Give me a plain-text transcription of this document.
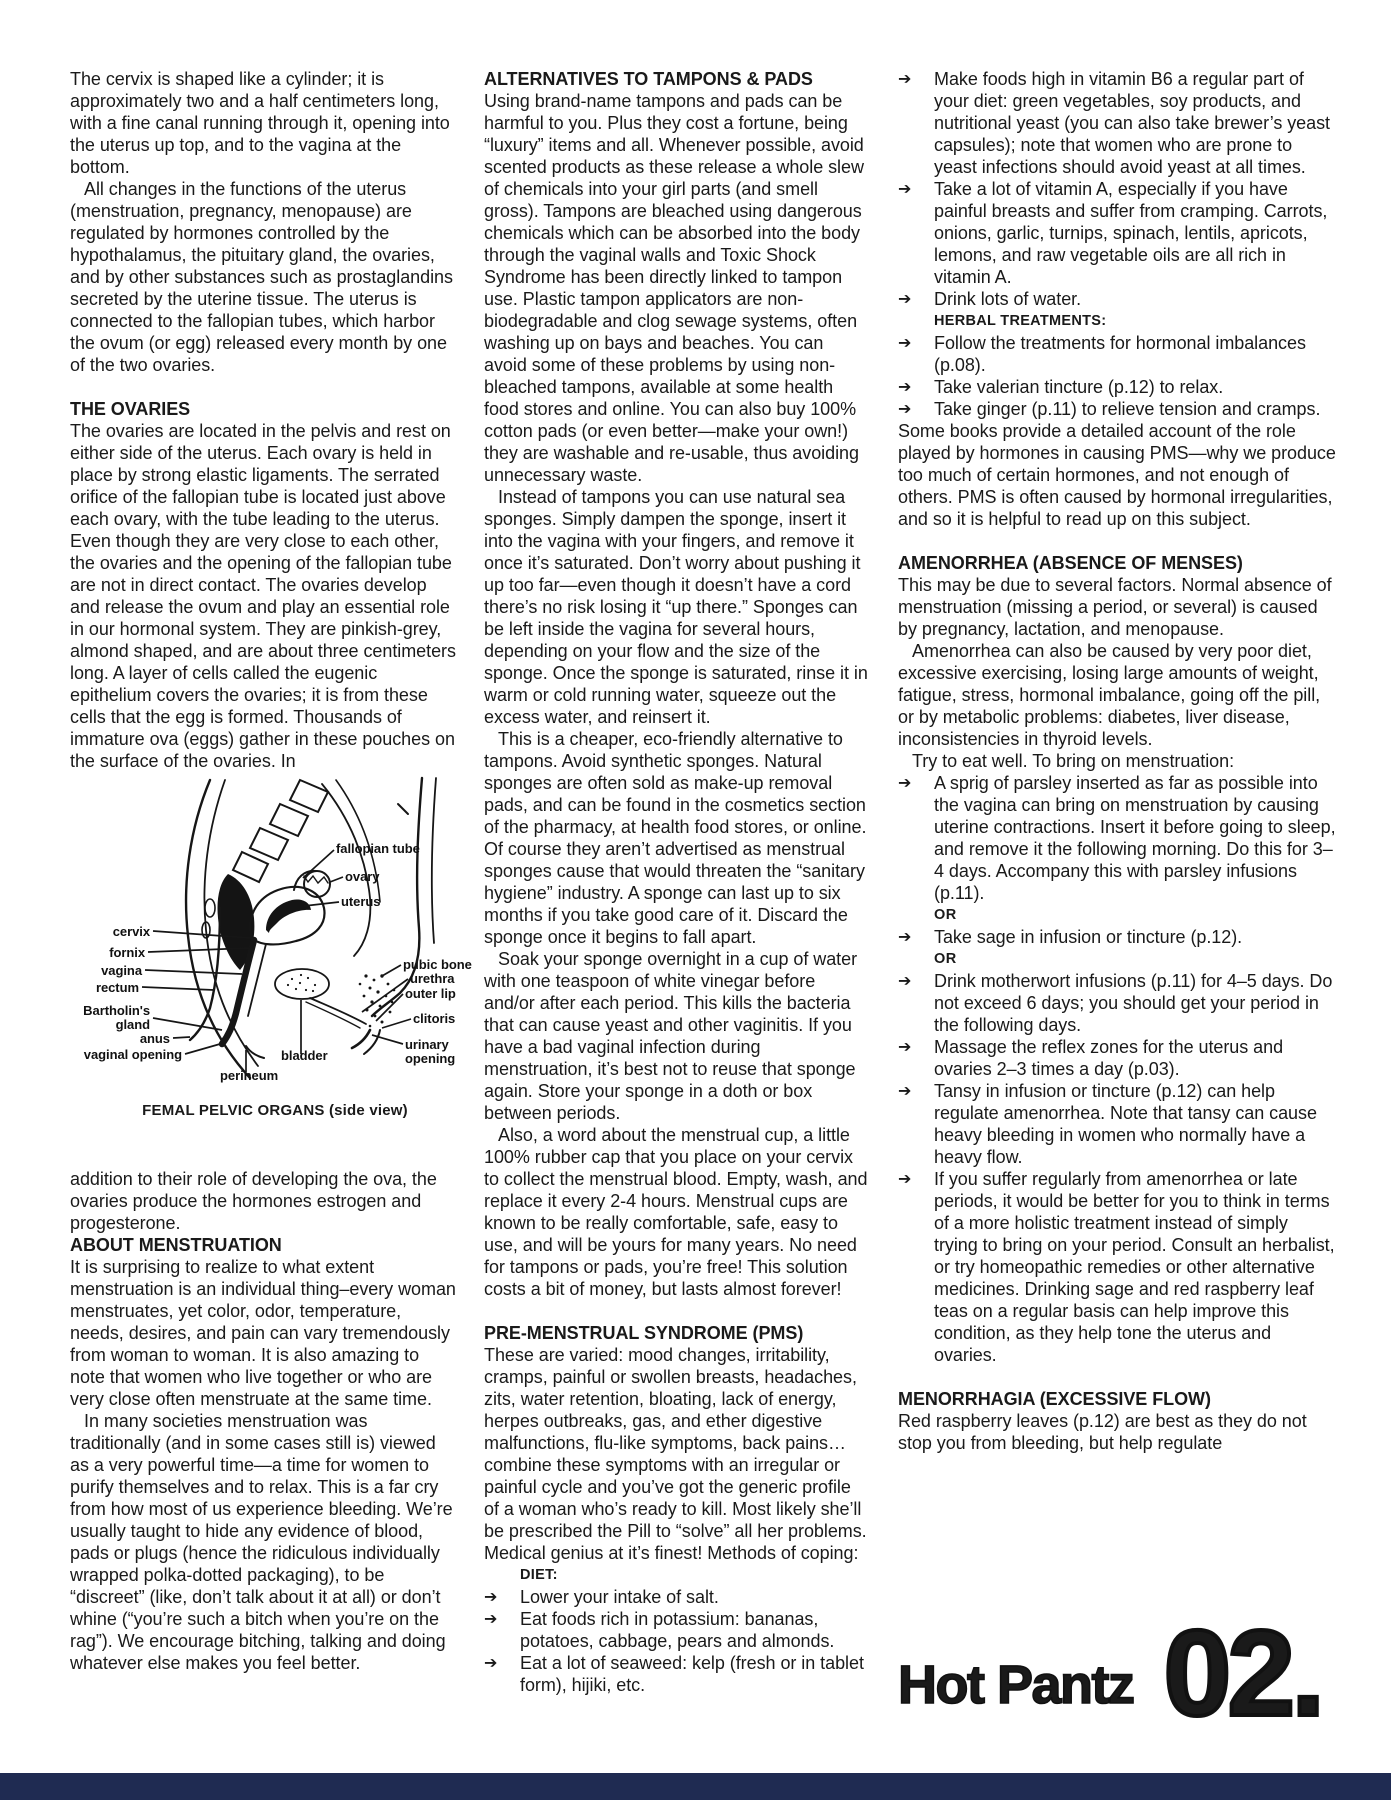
The cervix is shaped like a cylinder; it is approximately two and a half centimeters long, with a fine canal running through it, opening into the uterus up top, and to the vagina at the bottom.

All changes in the functions of the uterus (menstruation, pregnancy, menopause) are regulated by hormones controlled by the hypothalamus, the pituitary gland, the ovaries, and by other substances such as prostaglandins secreted by the uterine tissue. The uterus is connected to the fallopian tubes, which harbor the ovum (or egg) released every month by one of the two ovaries.

THE OVARIES

The ovaries are located in the pelvis and rest on either side of the uterus. Each ovary is held in place by strong elastic ligaments. The serrated orifice of the fallopian tube is located just above each ovary, with the tube leading to the uterus. Even though they are very close to each other, the ovaries and the opening of the fallopian tube are not in direct contact. The ovaries develop and release the ovum and play an essential role in our hormonal system. They are pinkish-grey, almond shaped, and are about three centimeters long. A layer of cells called the eugenic epithelium covers the ovaries; it is from these cells that the egg is formed. Thousands of immature ova (eggs) gather in these pouches on the surface of the ovaries. In

fallopian tube
ovary
uterus
cervix
fornix
vagina
rectum
Bartholin's
gland
anus
vaginal opening	bladder
perineum
pubic bone
urethra
outer lip
clitoris
urinary
opening
FEMAL PELVIC ORGANS (side view)

addition to their role of developing the ova, the ovaries produce the hormones estrogen and progesterone.

ABOUT MENSTRUATION

It is surprising to realize to what extent menstruation is an individual thing–every woman menstruates, yet color, odor, temperature, needs, desires, and pain can vary tremendously from woman to woman. It is also amazing to note that women who live together or who are very close often menstruate at the same time.

In many societies menstruation was traditionally (and in some cases still is) viewed as a very powerful time—a time for women to purify themselves and to relax. This is a far cry from how most of us experience bleeding. We’re usually taught to hide any evidence of blood, pads or plugs (hence the ridiculous individually wrapped polka-dotted packaging), to be “discreet” (like, don’t talk about it at all) or don’t whine (“you’re such a bitch when you’re on the rag”). We encourage bitching, talking and doing whatever else makes you feel better.

ALTERNATIVES TO TAMPONS & PADS

Using brand-name tampons and pads can be harmful to you. Plus they cost a fortune, being “luxury” items and all. Whenever possible, avoid scented products as these release a whole slew of chemicals into your girl parts (and smell gross). Tampons are bleached using dangerous chemicals which can be absorbed into the body through the vaginal walls and Toxic Shock Syndrome has been directly linked to tampon use. Plastic tampon applicators are non-biodegradable and clog sewage systems, often washing up on bays and beaches. You can avoid some of these problems by using non-bleached tampons, available at some health food stores and online. You can also buy 100% cotton pads (or even better—make your own!) they are washable and re-usable, thus avoiding unnecessary waste.

Instead of tampons you can use natural sea sponges. Simply dampen the sponge, insert it into the vagina with your fingers, and remove it once it’s saturated. Don’t worry about pushing it up too far—even though it doesn’t have a cord there’s no risk losing it “up there.” Sponges can be left inside the vagina for several hours, depending on your flow and the size of the sponge. Once the sponge is saturated, rinse it in warm or cold running water, squeeze out the excess water, and reinsert it.

This is a cheaper, eco-friendly alternative to tampons. Avoid synthetic sponges. Natural sponges are often sold as make-up removal pads, and can be found in the cosmetics section of the pharmacy, at health food stores, or online. Of course they aren’t advertised as menstrual sponges cause that would threaten the “sanitary hygiene” industry. A sponge can last up to six months if you take good care of it. Discard the sponge once it begins to fall apart.

Soak your sponge overnight in a cup of water with one teaspoon of white vinegar before and/or after each period. This kills the bacteria that can cause yeast and other vaginitis. If you have a bad vaginal infection during menstruation, it’s best not to reuse that sponge again. Store your sponge in a doth or box between periods.

Also, a word about the menstrual cup, a little 100% rubber cap that you place on your cervix to collect the menstrual blood. Empty, wash, and replace it every 2-4 hours. Menstrual cups are known to be really comfortable, safe, easy to use, and will be yours for many years. No need for tampons or pads, you’re free! This solution costs a bit of money, but lasts almost forever!

PRE-MENSTRUAL SYNDROME (PMS)

These are varied: mood changes, irritability, cramps, painful or swollen breasts, headaches, zits, water retention, bloating, lack of energy, herpes outbreaks, gas, and ether digestive malfunctions, flu-like symptoms, back pains… combine these symptoms with an irregular or painful cycle and you’ve got the generic profile of a woman who’s ready to kill. Most likely she’ll be prescribed the Pill to “solve” all her problems. Medical genius at it’s finest! Methods of coping:

DIET:
➔	Lower your intake of salt.
➔	Eat foods rich in potassium: bananas, potatoes, cabbage, pears and almonds.
➔	Eat a lot of seaweed: kelp (fresh or in tablet form), hijiki, etc.
➔	Make foods high in vitamin B6 a regular part of your diet: green vegetables, soy products, and nutritional yeast (you can also take brewer’s yeast capsules); note that women who are prone to yeast infections should avoid yeast at all times.
➔	Take a lot of vitamin A, especially if you have painful breasts and suffer from cramping. Carrots, onions, garlic, turnips, spinach, lentils, apricots, lemons, and raw vegetable oils are all rich in vitamin A.
➔	Drink lots of water.
HERBAL TREATMENTS:
➔	Follow the treatments for hormonal imbalances (p.08).
➔	Take valerian tincture (p.12) to relax.
➔	Take ginger (p.11) to relieve tension and cramps.

Some books provide a detailed account of the role played by hormones in causing PMS—why we produce too much of certain hormones, and not enough of others. PMS is often caused by hormonal irregularities, and so it is helpful to read up on this subject.

AMENORRHEA (ABSENCE OF MENSES)

This may be due to several factors. Normal absence of menstruation (missing a period, or several) is caused by pregnancy, lactation, and menopause.

Amenorrhea can also be caused by very poor diet, excessive exercising, losing large amounts of weight, fatigue, stress, hormonal imbalance, going off the pill, or by metabolic problems: diabetes, liver disease, inconsistencies in thyroid levels.

Try to eat well. To bring on menstruation:

➔	A sprig of parsley inserted as far as possible into the vagina can bring on menstruation by causing uterine contractions. Insert it before going to sleep, and remove it the following morning. Do this for 3–4 days. Accompany this with parsley infusions (p.11).
OR
➔	Take sage in infusion or tincture (p.12).
OR
➔	Drink motherwort infusions (p.11) for 4–5 days. Do not exceed 6 days; you should get your period in the following days.
➔	Massage the reflex zones for the uterus and ovaries 2–3 times a day (p.03).
➔	Tansy in infusion or tincture (p.12) can help regulate amenorrhea. Note that tansy can cause heavy bleeding in women who normally have a heavy flow.
➔	If you suffer regularly from amenorrhea or late periods, it would be better for you to think in terms of a more holistic treatment instead of simply trying to bring on your period. Consult an herbalist, or try homeopathic remedies or other alternative medicines. Drinking sage and red raspberry leaf teas on a regular basis can help improve this condition, as they help tone the uterus and ovaries.
MENORRHAGIA (EXCESSIVE FLOW)

Red raspberry leaves (p.12) are best as they do not stop you from bleeding, but help regulate

Hot Pantz 02.
